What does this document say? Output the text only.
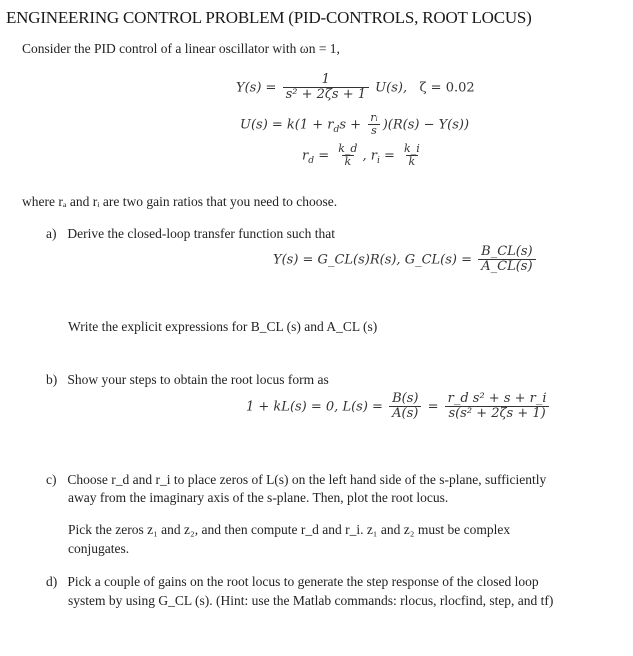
ENGINEERING CONTROL PROBLEM (PID-CONTROLS, ROOT LOCUS)
Consider the PID control of a linear oscillator with ωn = 1,
$Y(s) = \frac{1}{\text{s² + 2ζs + 1}} U(s)$, ζ = 0.02
$U(s) = k(1 + r_ds + \frac{\text{rᵢ}}{s} )(R(s) - Y(s))$
$r_d = \frac{k\_d}{k}$ , $r_i = \frac{k\_i}{k}$
where rₐ and rᵢ are two gain ratios that you need to choose.
a) Derive the closed-loop transfer function such that
Y(s) = G_CL(s)R(s), G_CL(s) = $\frac{B\_CL(s)}{A\_CL(s)}$
Write the explicit expressions for B_CL (s) and A_CL (s)
b) Show your steps to obtain the root locus form as
1 + kL(s) = 0, $L(s) = \frac{B(s)}{A(s)} = \frac{\text{r\_d s² + s + r\_i}}{\text{s(s² + 2ζs + 1)}}$
c) Choose r_d and r_i to place zeros of L(s) on the left hand side of the s-plane, sufficiently
away from the imaginary axis of the s-plane. Then, plot the root locus.
Pick the zeros z₁ and z₂, and then compute r_d and r_i. z₁ and z₂ must be complex
conjugates.
d) Pick a couple of gains on the root locus to generate the step response of the closed loop
system by using G_CL (s). (Hint: use the Matlab commands: rlocus, rlocfind, step, and tf)
